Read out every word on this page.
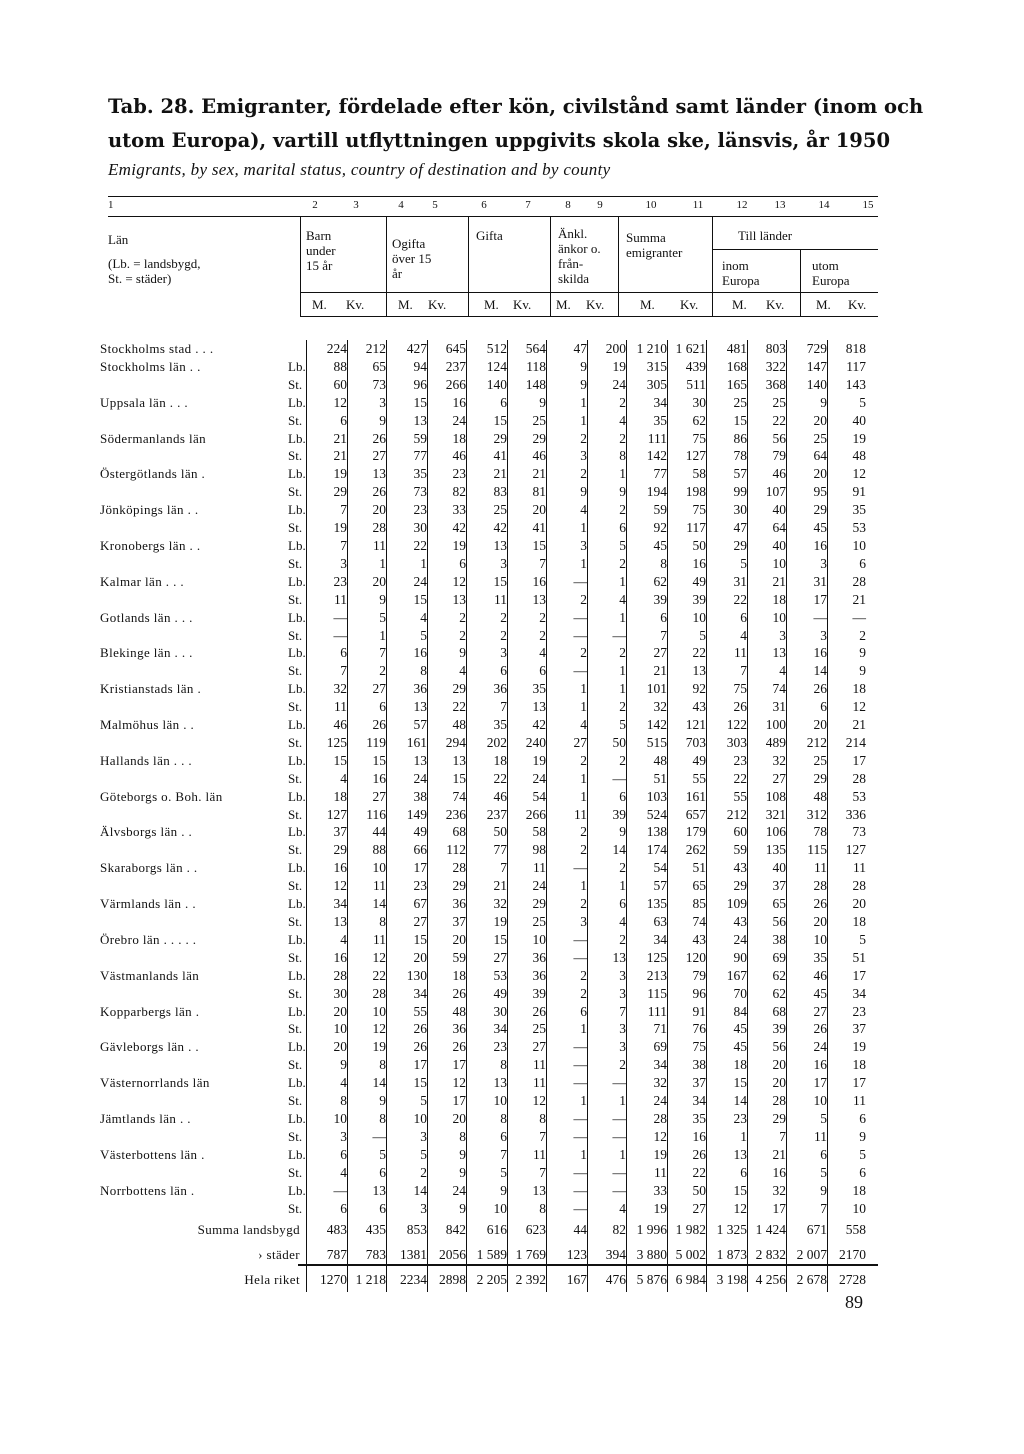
Tab. 28. Emigranter, fördelade efter kön, civilstånd samt länder (inom och utom Europa), vartill utflyttningen uppgivits skola ske, länsvis, år 1950
Emigrants, by sex, marital status, country of destination and by county
1	2	3	4	5	6	7	8	9	10	11	12	13	14	15
Län
(Lb. = landsbygd,
St. = städer)
Barn under 15 år
Ogifta över 15 år
Gifta	Änkl. änkor o. från-skilda
Summa emigranter
Till länder
inom Europa
utom Europa
M. Kv.	M. Kv.	M. Kv. M. Kv.	M. Kv.	M. Kv. M. Kv.
Stockholms stad . . .		224	212	427	645	512	564	47	200	1 210	1 621	481	803	729	818
Stockholms län . .	Lb.	88	65	94	237	124	118	9	19	315	439	168	322	147	117
	St.	60	73	96	266	140	148	9	24	305	511	165	368	140	143
Uppsala län . . .	Lb.	12	3	15	16	6	9	1	2	34	30	25	25	9	5
	St.	6	9	13	24	15	25	1	4	35	62	15	22	20	40
Södermanlands län	Lb.	21	26	59	18	29	29	2	2	111	75	86	56	25	19
	St.	21	27	77	46	41	46	3	8	142	127	78	79	64	48
Östergötlands län .	Lb.	19	13	35	23	21	21	2	1	77	58	57	46	20	12
	St.	29	26	73	82	83	81	9	9	194	198	99	107	95	91
Jönköpings län . .	Lb.	7	20	23	33	25	20	4	2	59	75	30	40	29	35
	St.	19	28	30	42	42	41	1	6	92	117	47	64	45	53
Kronobergs län . .	Lb.	7	11	22	19	13	15	3	5	45	50	29	40	16	10
	St.	3	1	1	6	3	7	1	2	8	16	5	10	3	6
Kalmar län . . .	Lb.	23	20	24	12	15	16	—	1	62	49	31	21	31	28
	St.	11	9	15	13	11	13	2	4	39	39	22	18	17	21
Gotlands län . . .	Lb.	—	5	4	2	2	2	—	1	6	10	6	10	—	—
	St.	—	1	5	2	2	2	—	—	7	5	4	3	3	2
Blekinge län . . .	Lb.	6	7	16	9	3	4	2	2	27	22	11	13	16	9
	St.	7	2	8	4	6	6	—	1	21	13	7	4	14	9
Kristianstads län .	Lb.	32	27	36	29	36	35	1	1	101	92	75	74	26	18
	St.	11	6	13	22	7	13	1	2	32	43	26	31	6	12
Malmöhus län . .	Lb.	46	26	57	48	35	42	4	5	142	121	122	100	20	21
	St.	125	119	161	294	202	240	27	50	515	703	303	489	212	214
Hallands län . . .	Lb.	15	15	13	13	18	19	2	2	48	49	23	32	25	17
	St.	4	16	24	15	22	24	1	—	51	55	22	27	29	28
Göteborgs o. Boh. län	Lb.	18	27	38	74	46	54	1	6	103	161	55	108	48	53
	St.	127	116	149	236	237	266	11	39	524	657	212	321	312	336
Älvsborgs län . .	Lb.	37	44	49	68	50	58	2	9	138	179	60	106	78	73
	St.	29	88	66	112	77	98	2	14	174	262	59	135	115	127
Skaraborgs län . .	Lb.	16	10	17	28	7	11	—	2	54	51	43	40	11	11
	St.	12	11	23	29	21	24	1	1	57	65	29	37	28	28
Värmlands län . .	Lb.	34	14	67	36	32	29	2	6	135	85	109	65	26	20
	St.	13	8	27	37	19	25	3	4	63	74	43	56	20	18
Örebro län . . . . .	Lb.	4	11	15	20	15	10	—	2	34	43	24	38	10	5
	St.	16	12	20	59	27	36	—	13	125	120	90	69	35	51
Västmanlands län	Lb.	28	22	130	18	53	36	2	3	213	79	167	62	46	17
	St.	30	28	34	26	49	39	2	3	115	96	70	62	45	34
Kopparbergs län .	Lb.	20	10	55	48	30	26	6	7	111	91	84	68	27	23
	St.	10	12	26	36	34	25	1	3	71	76	45	39	26	37
Gävleborgs län . .	Lb.	20	19	26	26	23	27	—	3	69	75	45	56	24	19
	St.	9	8	17	17	8	11	—	2	34	38	18	20	16	18
Västernorrlands län	Lb.	4	14	15	12	13	11	—	—	32	37	15	20	17	17
	St.	8	9	5	17	10	12	1	1	24	34	14	28	10	11
Jämtlands län . .	Lb.	10	8	10	20	8	8	—	—	28	35	23	29	5	6
	St.	3	—	3	8	6	7	—	—	12	16	1	7	11	9
Västerbottens län .	Lb.	6	5	5	9	7	11	1	1	19	26	13	21	6	5
	St.	4	6	2	9	5	7	—	—	11	22	6	16	5	6
Norrbottens län .	Lb.	—	13	14	24	9	13	—	—	33	50	15	32	9	18
	St.	6	6	3	9	10	8	—	4	19	27	12	17	7	10
Summa landsbygd		483	435	853	842	616	623	44	82	1 996	1 982	1 325	1 424	671	558
› städer		787	783	1381	2056	1 589	1 769	123	394	3 880	5 002	1 873	2 832	2 007	2170
Hela riket		1270	1 218	2234	2898	2 205	2 392	167	476	5 876	6 984	3 198	4 256	2 678	2728
89
